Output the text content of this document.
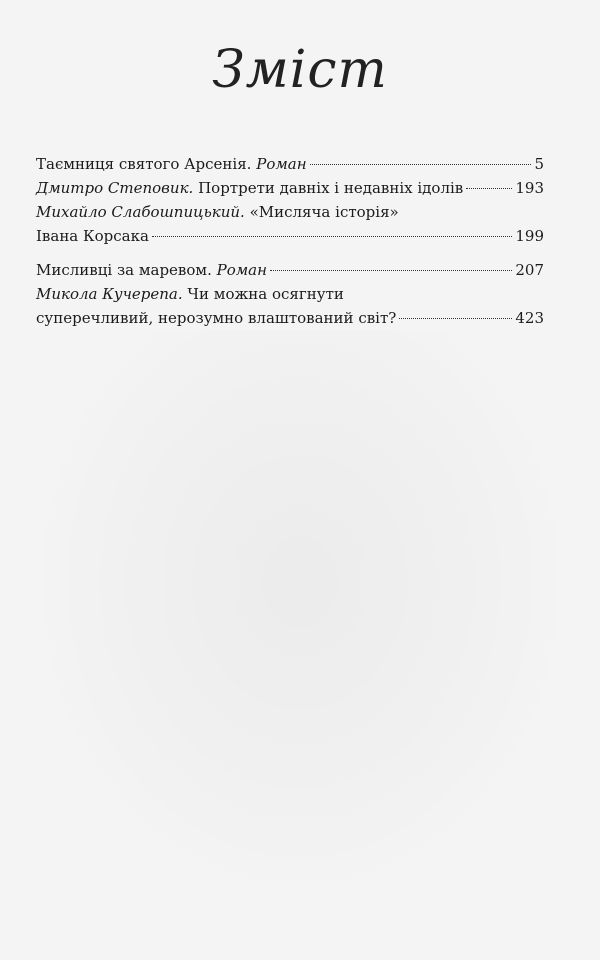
Зміст
Таємниця святого Арсенія. Роман	5
Дмитро Степовик. Портрети давніх і недавніх ідолів	193
Михайло Слабошпицький. «Мисляча історія»
Івана Корсака	199
Мисливці за маревом. Роман	207
Микола Кучерепа. Чи можна осягнути
суперечливий, нерозумно влаштований світ?	423
